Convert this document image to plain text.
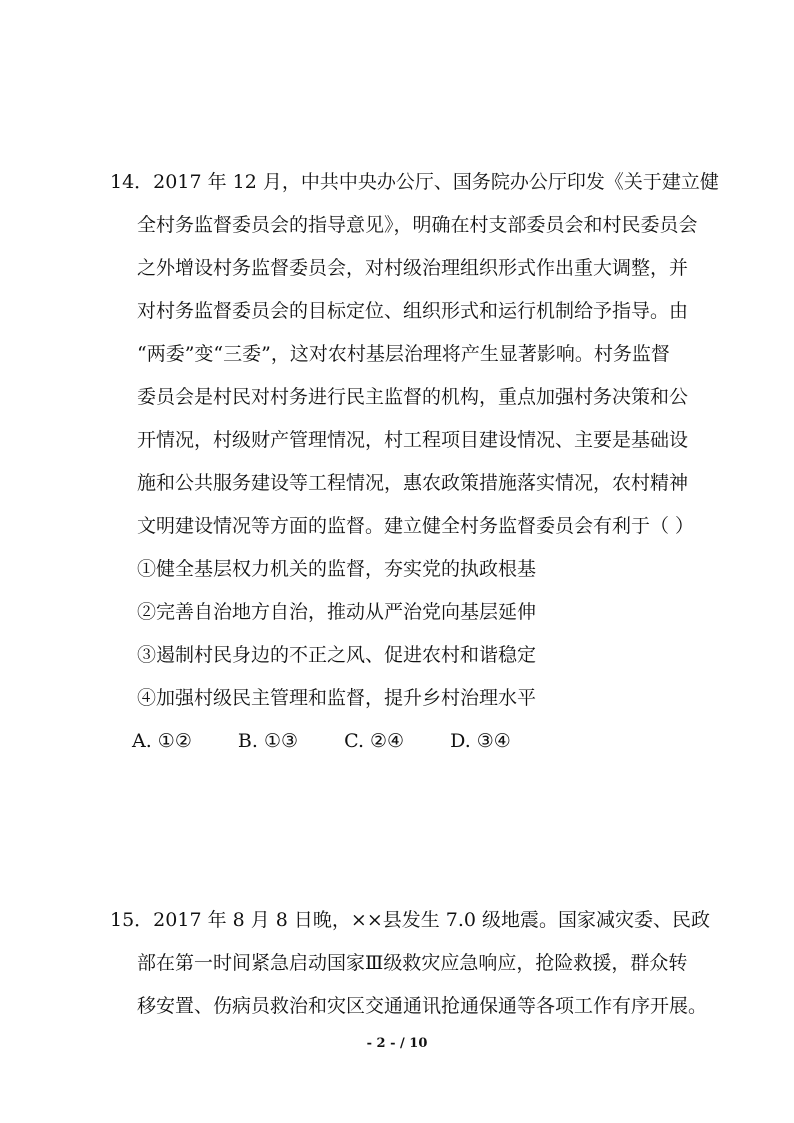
14．2017 年 12 月，中共中央办公厅、国务院办公厅印发《关于建立健
全村务监督委员会的指导意见》，明确在村支部委员会和村民委员会
之外增设村务监督委员会，对村级治理组织形式作出重大调整，并
对村务监督委员会的目标定位、组织形式和运行机制给予指导。由
“两委”变“三委”，这对农村基层治理将产生显著影响。村务监督
委员会是村民对村务进行民主监督的机构，重点加强村务决策和公
开情况，村级财产管理情况，村工程项目建设情况、主要是基础设
施和公共服务建设等工程情况，惠农政策措施落实情况，农村精神
文明建设情况等方面的监督。建立健全村务监督委员会有利于（ ）
①健全基层权力机关的监督，夯实党的执政根基
②完善自治地方自治，推动从严治党向基层延伸
③遏制村民身边的不正之风、促进农村和谐稳定
④加强村级民主管理和监督，提升乡村治理水平
A. ①② B. ①③ C. ②④ D. ③④
15．2017 年 8 月 8 日晚，××县发生 7.0 级地震。国家减灾委、民政
部在第一时间紧急启动国家Ⅲ级救灾应急响应，抢险救援，群众转
移安置、伤病员救治和灾区交通通讯抢通保通等各项工作有序开展。
- 2 - / 10
